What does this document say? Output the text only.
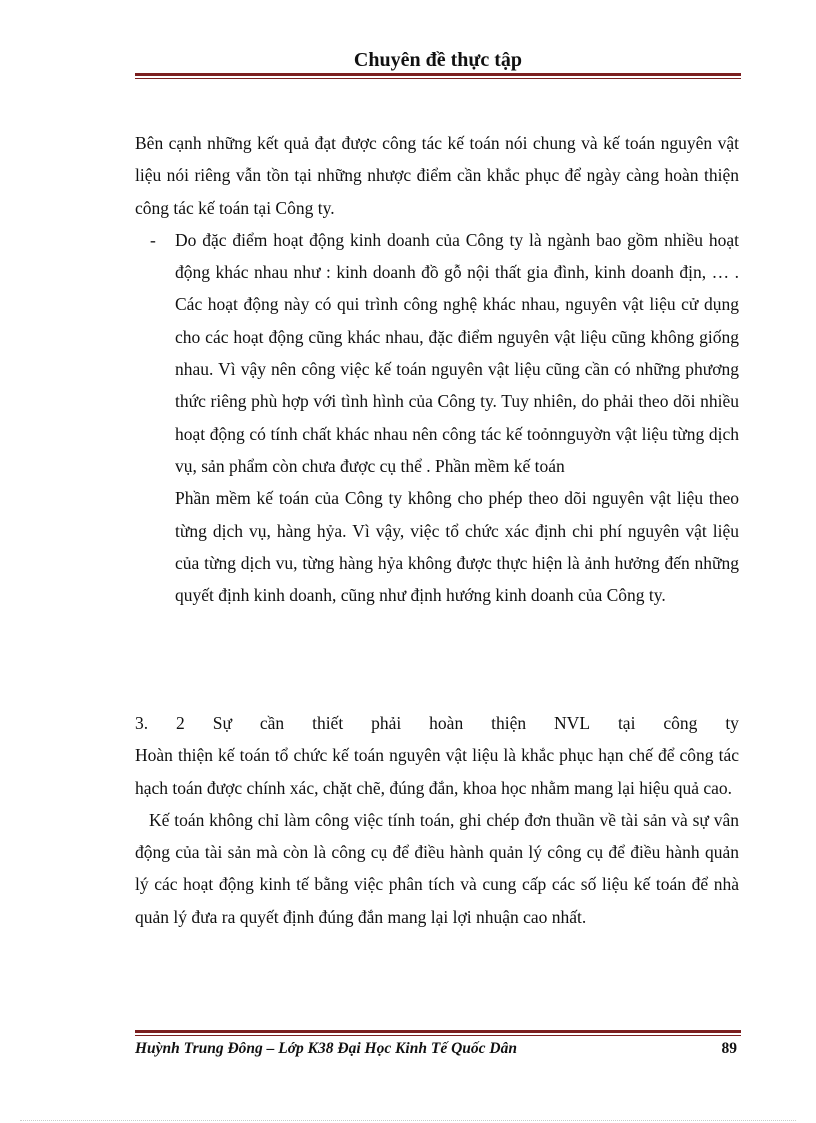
Chuyên đề thực tập

Bên cạnh những kết quả đạt được công tác kế toán nói chung và kế toán nguyên vật liệu nói riêng vẫn tồn tại những nhược điểm cần khắc phục để ngày càng hoàn thiện công tác kế toán tại Công ty.

- Do đặc điểm hoạt động kinh doanh của Công ty là ngành bao gồm nhiều hoạt động khác nhau như : kinh doanh đồ gỗ nội thất gia đình, kinh doanh địn, … . Các hoạt động này có qui trình công nghệ khác nhau, nguyên vật liệu cử dụng cho các hoạt động cũng khác nhau, đặc điểm nguyên vật liệu cũng không giống nhau. Vì vậy nên công việc kế toán nguyên vật liệu cũng cần có những phương thức riêng phù hợp với tình hình của Công ty. Tuy nhiên, do phải theo dõi nhiều hoạt động có tính chất khác nhau nên công tác kế toỏnnguyờn vật liệu từng dịch vụ, sản phẩm còn chưa được cụ thể . Phần mềm kế toán

Phần mềm kế toán của Công ty không cho phép theo dõi nguyên vật liệu theo từng dịch vụ, hàng hỷa. Vì vậy, việc tổ chức xác định chi phí nguyên vật liệu của từng dịch vu, từng hàng hỷa không được thực hiện là ảnh hưởng đến những quyết định kinh doanh, cũng như định hướng kinh doanh của Công ty.

3. 2 Sự cần thiết phải hoàn thiện NVL tại công ty

Hoàn thiện kế toán tổ chức kế toán nguyên vật liệu là khắc phục hạn chế để công tác hạch toán được chính xác, chặt chẽ, đúng đắn, khoa học nhằm mang lại hiệu quả cao.

Kế toán không chỉ làm công việc tính toán, ghi chép đơn thuần về tài sản và sự vân động của tài sản mà còn là công cụ để điều hành quản lý công cụ để điều hành quản lý các hoạt động kinh tế bằng việc phân tích và cung cấp các số liệu kế toán để nhà quản lý đưa ra quyết định đúng đắn mang lại lợi nhuận cao nhất.

Huỳnh Trung Đông – Lớp K38 Đại Học Kinh Tế Quốc Dân	89
